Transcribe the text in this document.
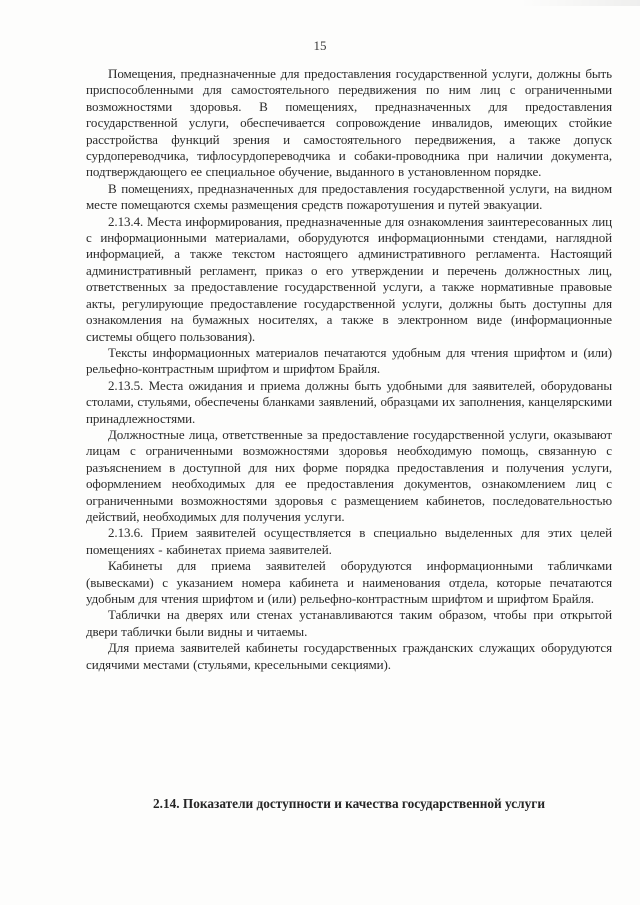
15

Помещения, предназначенные для предоставления государственной услуги, должны быть приспособленными для самостоятельного передвижения по ним лиц с ограниченными возможностями здоровья. В помещениях, предназначенных для предоставления государственной услуги, обеспечивается сопровождение инвалидов, имеющих стойкие расстройства функций зрения и самостоятельного передвижения, а также допуск сурдопереводчика, тифлосурдопереводчика и собаки-проводника при наличии документа, подтверждающего ее специальное обучение, выданного в установленном порядке.

В помещениях, предназначенных для предоставления государственной услуги, на видном месте помещаются схемы размещения средств пожаротушения и путей эвакуации.

2.13.4. Места информирования, предназначенные для ознакомления заинтересованных лиц с информационными материалами, оборудуются информационными стендами, наглядной информацией, а также текстом настоящего административного регламента. Настоящий административный регламент, приказ о его утверждении и перечень должностных лиц, ответственных за предоставление государственной услуги, а также нормативные правовые акты, регулирующие предоставление государственной услуги, должны быть доступны для ознакомления на бумажных носителях, а также в электронном виде (информационные системы общего пользования).

Тексты информационных материалов печатаются удобным для чтения шрифтом и (или) рельефно-контрастным шрифтом и шрифтом Брайля.

2.13.5. Места ожидания и приема должны быть удобными для заявителей, оборудованы столами, стульями, обеспечены бланками заявлений, образцами их заполнения, канцелярскими принадлежностями.

Должностные лица, ответственные за предоставление государственной услуги, оказывают лицам с ограниченными возможностями здоровья необходимую помощь, связанную с разъяснением в доступной для них форме порядка предоставления и получения услуги, оформлением необходимых для ее предоставления документов, ознакомлением лиц с ограниченными возможностями здоровья с размещением кабинетов, последовательностью действий, необходимых для получения услуги.

2.13.6. Прием заявителей осуществляется в специально выделенных для этих целей помещениях - кабинетах приема заявителей.

Кабинеты для приема заявителей оборудуются информационными табличками (вывесками) с указанием номера кабинета и наименования отдела, которые печатаются удобным для чтения шрифтом и (или) рельефно-контрастным шрифтом и шрифтом Брайля.

Таблички на дверях или стенах устанавливаются таким образом, чтобы при открытой двери таблички были видны и читаемы.

Для приема заявителей кабинеты государственных гражданских служащих оборудуются сидячими местами (стульями, кресельными секциями).

2.14. Показатели доступности и качества государственной услуги
